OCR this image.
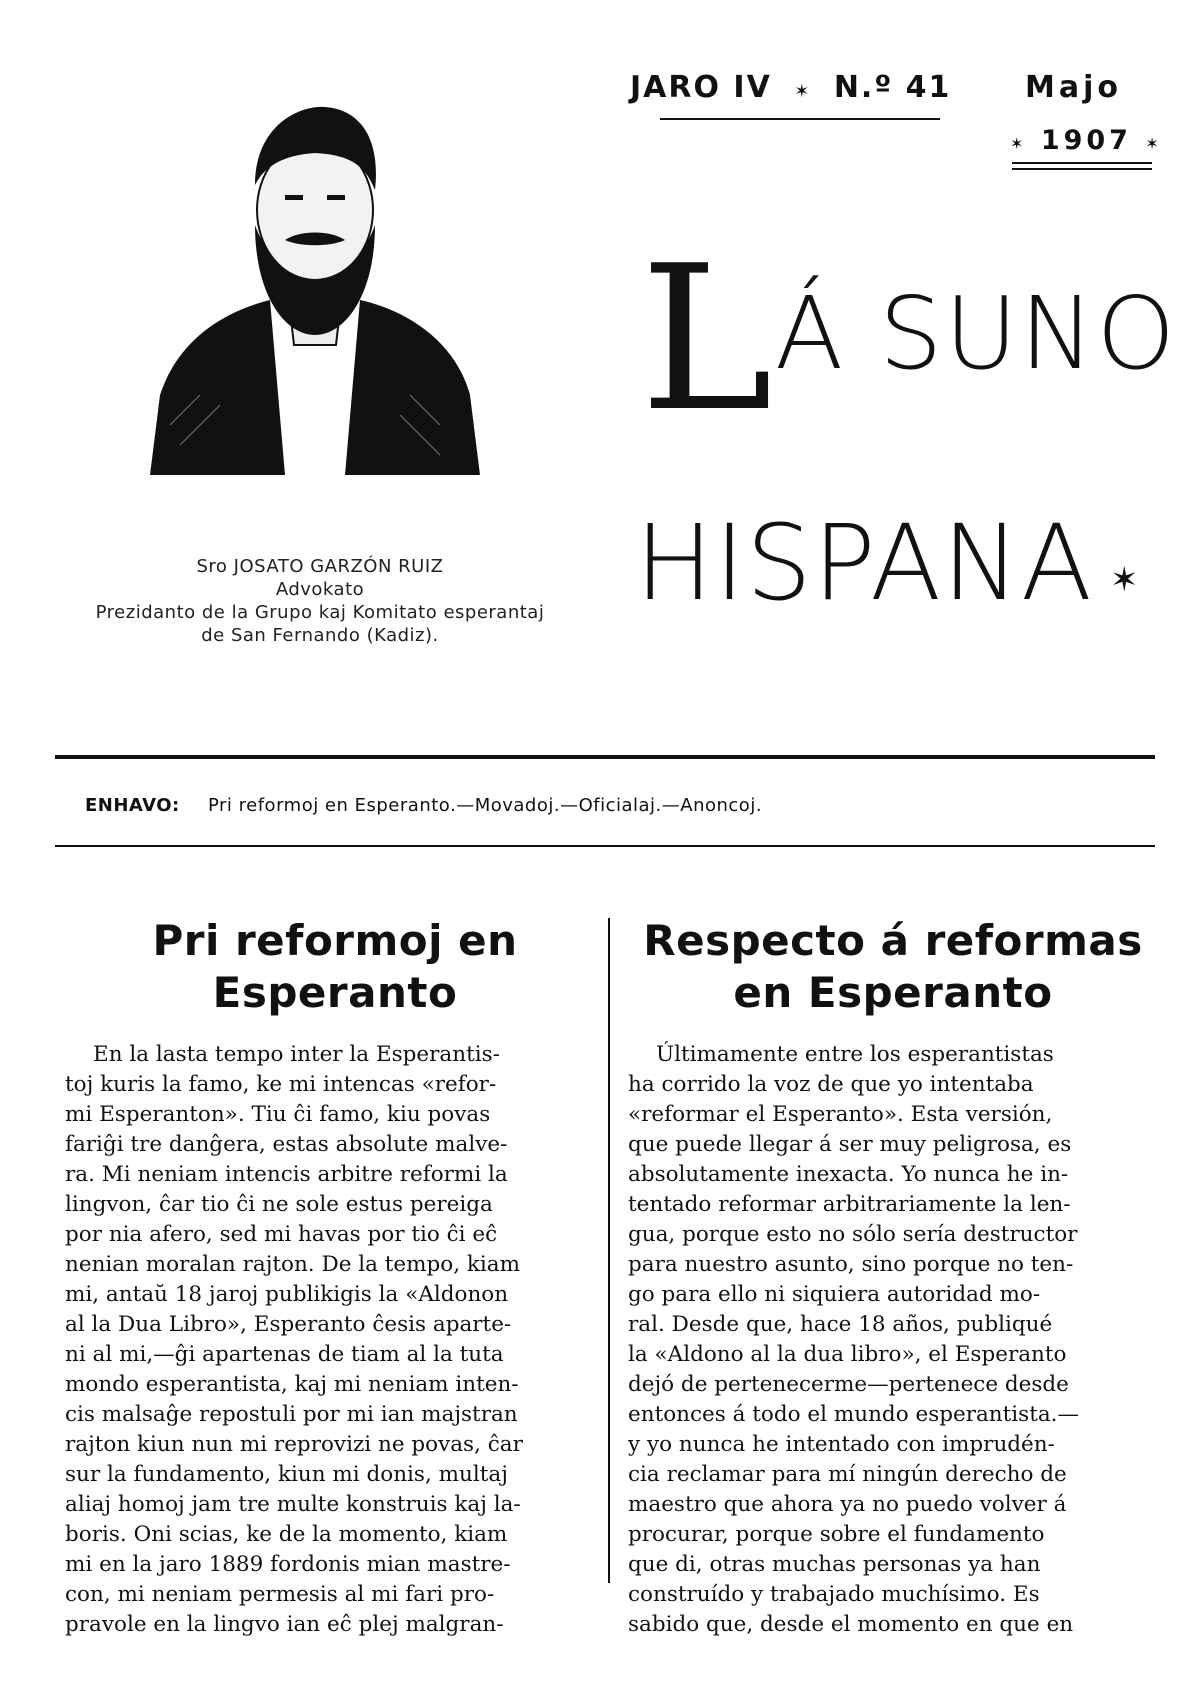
Sro JOSATO GARZÓN RUIZ
Advokato
Prezidanto de la Grupo kaj Komitato esperantaj
de San Fernando (Kadiz).
JARO IV ✶ N.º 41 Majo
✶ 1907 ✶
LÁ SUNO
HISPANA ✶
ENHAVO: Pri reformoj en Esperanto.—Movadoj.—Oficialaj.—Anoncoj.
Pri reformoj en
Esperanto
En la lasta tempo inter la Esperantis-
toj kuris la famo, ke mi intencas «refor-
mi Esperanton». Tiu ĉi famo, kiu povas
fariĝi tre danĝera, estas absolute malve-
ra. Mi neniam intencis arbitre reformi la
lingvon, ĉar tio ĉi ne sole estus pereiga
por nia afero, sed mi havas por tio ĉi eĉ
nenian moralan rajton. De la tempo, kiam
mi, antaŭ 18 jaroj publikigis la «Aldonon
al la Dua Libro», Esperanto ĉesis aparte-
ni al mi,—ĝi apartenas de tiam al la tuta
mondo esperantista, kaj mi neniam inten-
cis malsaĝe repostuli por mi ian majstran
rajton kiun nun mi reprovizi ne povas, ĉar
sur la fundamento, kiun mi donis, multaj
aliaj homoj jam tre multe konstruis kaj la-
boris. Oni scias, ke de la momento, kiam
mi en la jaro 1889 fordonis mian mastre-
con, mi neniam permesis al mi fari pro-
pravole en la lingvo ian eĉ plej malgran-
Respecto á reformas
en Esperanto
Últimamente entre los esperantistas
ha corrido la voz de que yo intentaba
«reformar el Esperanto». Esta versión,
que puede llegar á ser muy peligrosa, es
absolutamente inexacta. Yo nunca he in-
tentado reformar arbitrariamente la len-
gua, porque esto no sólo sería destructor
para nuestro asunto, sino porque no ten-
go para ello ni siquiera autoridad mo-
ral. Desde que, hace 18 años, publiqué
la «Aldono al la dua libro», el Esperanto
dejó de pertenecerme—pertenece desde
entonces á todo el mundo esperantista.—
y yo nunca he intentado con imprudén-
cia reclamar para mí ningún derecho de
maestro que ahora ya no puedo volver á
procurar, porque sobre el fundamento
que di, otras muchas personas ya han
construído y trabajado muchísimo. Es
sabido que, desde el momento en que en
